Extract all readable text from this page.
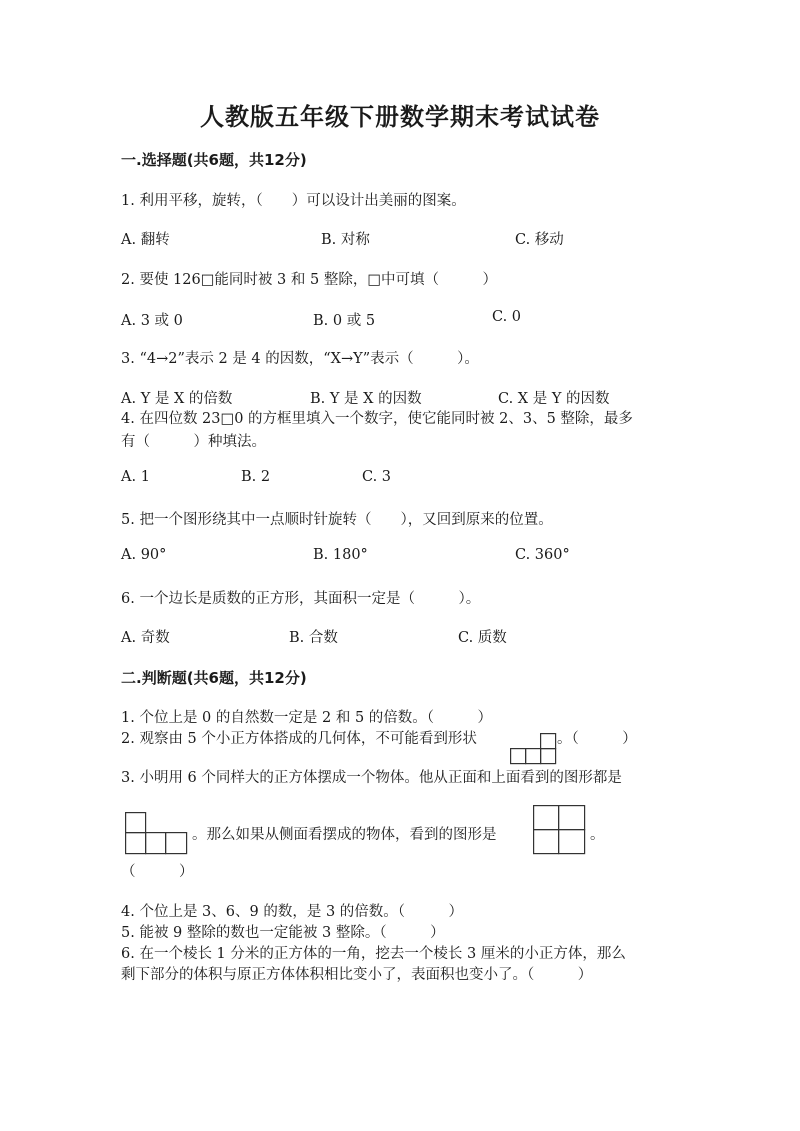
人教版五年级下册数学期末考试试卷
一.选择题(共6题，共12分)
1. 利用平移，旋转，（　　）可以设计出美丽的图案。
A. 翻转	B. 对称	C. 移动
2. 要使 126□能同时被 3 和 5 整除，□中可填（　　　）
A. 3 或 0	B. 0 或 5	C. 0
3. “4→2”表示 2 是 4 的因数，“X→Y”表示（　　　）。
A. Y 是 X 的倍数	B. Y 是 X 的因数	C. X 是 Y 的因数
4. 在四位数 23□0 的方框里填入一个数字，使它能同时被 2、3、5 整除，最多
有（　　　）种填法。
A. 1	B. 2	C. 3
5. 把一个图形绕其中一点顺时针旋转（　　），又回到原来的位置。
A. 90°	B. 180°	C. 360°
6. 一个边长是质数的正方形，其面积一定是（　　　）。
A. 奇数	B. 合数	C. 质数
二.判断题(共6题，共12分)
1. 个位上是 0 的自然数一定是 2 和 5 的倍数。（　　　）
2. 观察由 5 个小正方体搭成的几何体，不可能看到形状	。（　　　）
3. 小明用 6 个同样大的正方体摆成一个物体。他从正面和上面看到的图形都是
。那么如果从侧面看摆成的物体，看到的图形是	。
（　　　）
4. 个位上是 3、6、9 的数，是 3 的倍数。（　　　）
5. 能被 9 整除的数也一定能被 3 整除。（　　　）
6. 在一个棱长 1 分米的正方体的一角，挖去一个棱长 3 厘米的小正方体，那么
剩下部分的体积与原正方体体积相比变小了，表面积也变小了。（　　　）
